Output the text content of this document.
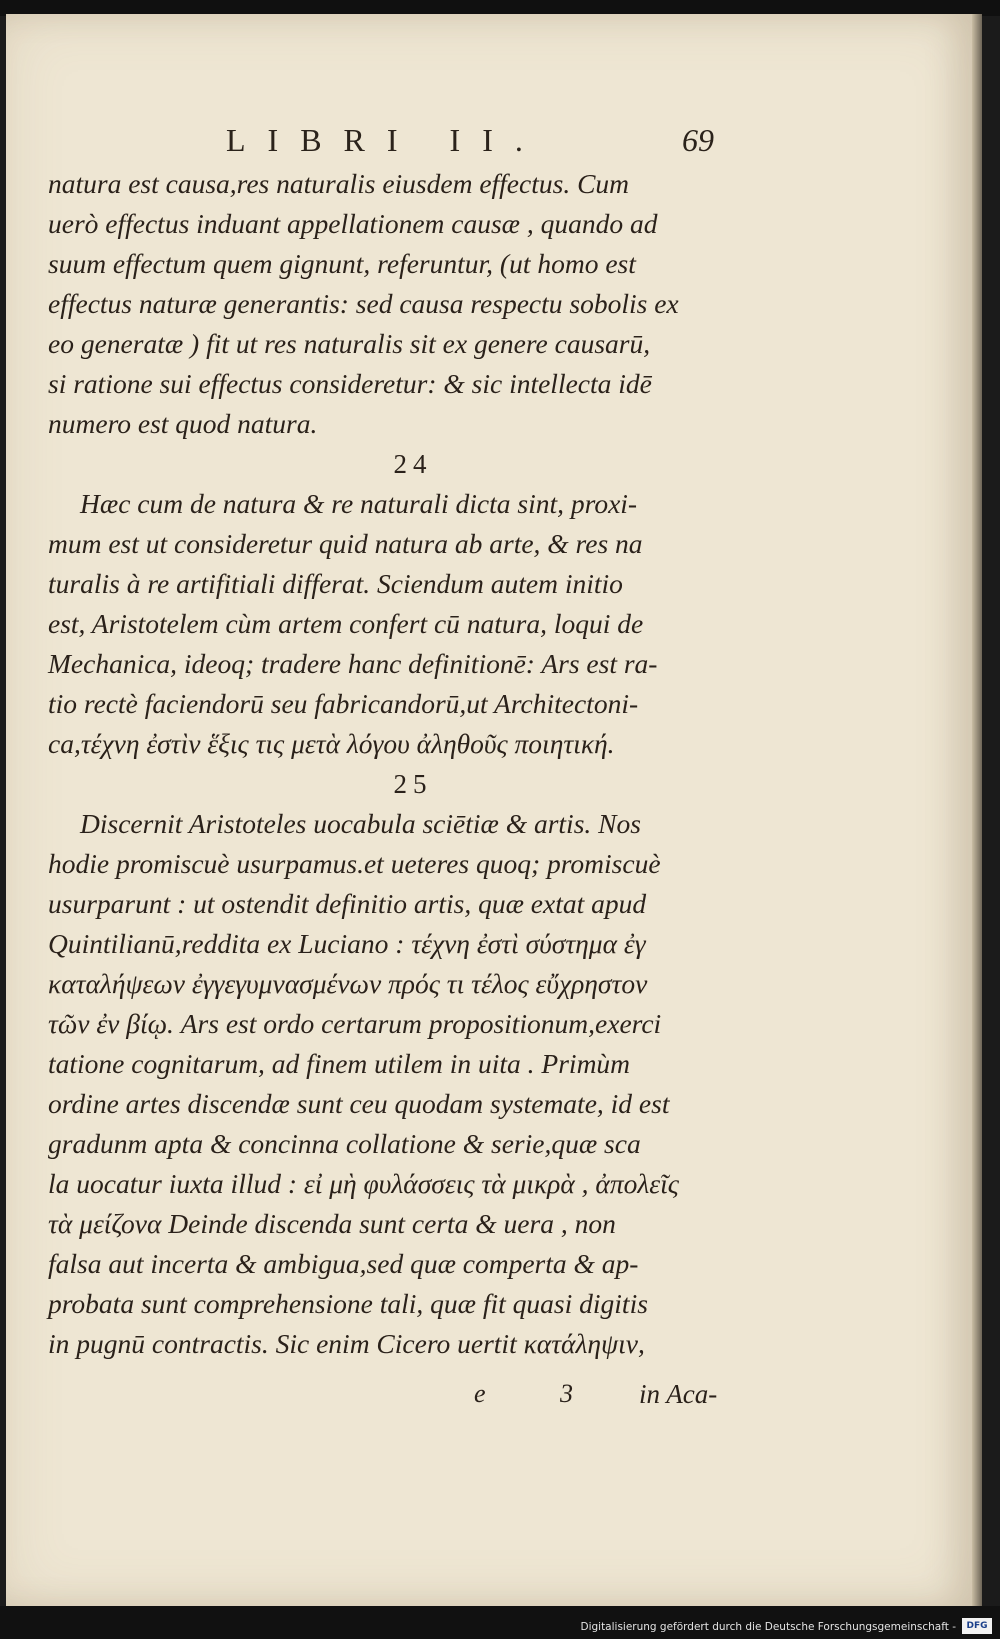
LIBRI II.	69
natura est causa,res naturalis eiusdem effectus. Cum
uerò effectus induant appellationem causæ , quando ad
suum effectum quem gignunt, referuntur, (ut homo est
effectus naturæ generantis: sed causa respectu sobolis ex
eo generatæ ) fit ut res naturalis sit ex genere causarū,
si ratione sui effectus consideretur: & sic intellecta idē
numero est quod natura.
24
Hæc cum de natura & re naturali dicta sint, proxi-
mum est ut consideretur quid natura ab arte, & res na
turalis à re artifitiali differat. Sciendum autem initio
est, Aristotelem cùm artem confert cū natura, loqui de
Mechanica, ideoq; tradere hanc definitionē: Ars est ra-
tio rectè faciendorū seu fabricandorū,ut Architectoni-
ca,τέχνη ἐστὶν ἕξις τις μετὰ λόγου ἀληθοῦς ποιητική.
25
Discernit Aristoteles uocabula sciētiæ & artis. Nos
hodie promiscuè usurpamus.et ueteres quoq; promiscuè
usurparunt : ut ostendit definitio artis, quæ extat apud
Quintilianū,reddita ex Luciano : τέχνη ἐστὶ σύστημα ἐγ
καταλήψεων ἐγγεγυμνασμένων πρός τι τέλος εὔχρηστον
τῶν ἐν βίῳ. Ars est ordo certarum propositionum,exerci
tatione cognitarum, ad finem utilem in uita . Primùm
ordine artes discendæ sunt ceu quodam systemate, id est
gradunm apta & concinna collatione & serie,quæ sca
la uocatur iuxta illud : εἰ μὴ φυλάσσεις τὰ μικρὰ , ἀπολεῖς
τὰ μείζονα Deinde discenda sunt certa & uera , non
falsa aut incerta & ambigua,sed quæ comperta & ap-
probata sunt comprehensione tali, quæ fit quasi digitis
in pugnū contractis. Sic enim Cicero uertit κατάληψιν,
e 3 in Aca-
Digitalisierung gefördert durch die Deutsche Forschungsgemeinschaft -	DFG
